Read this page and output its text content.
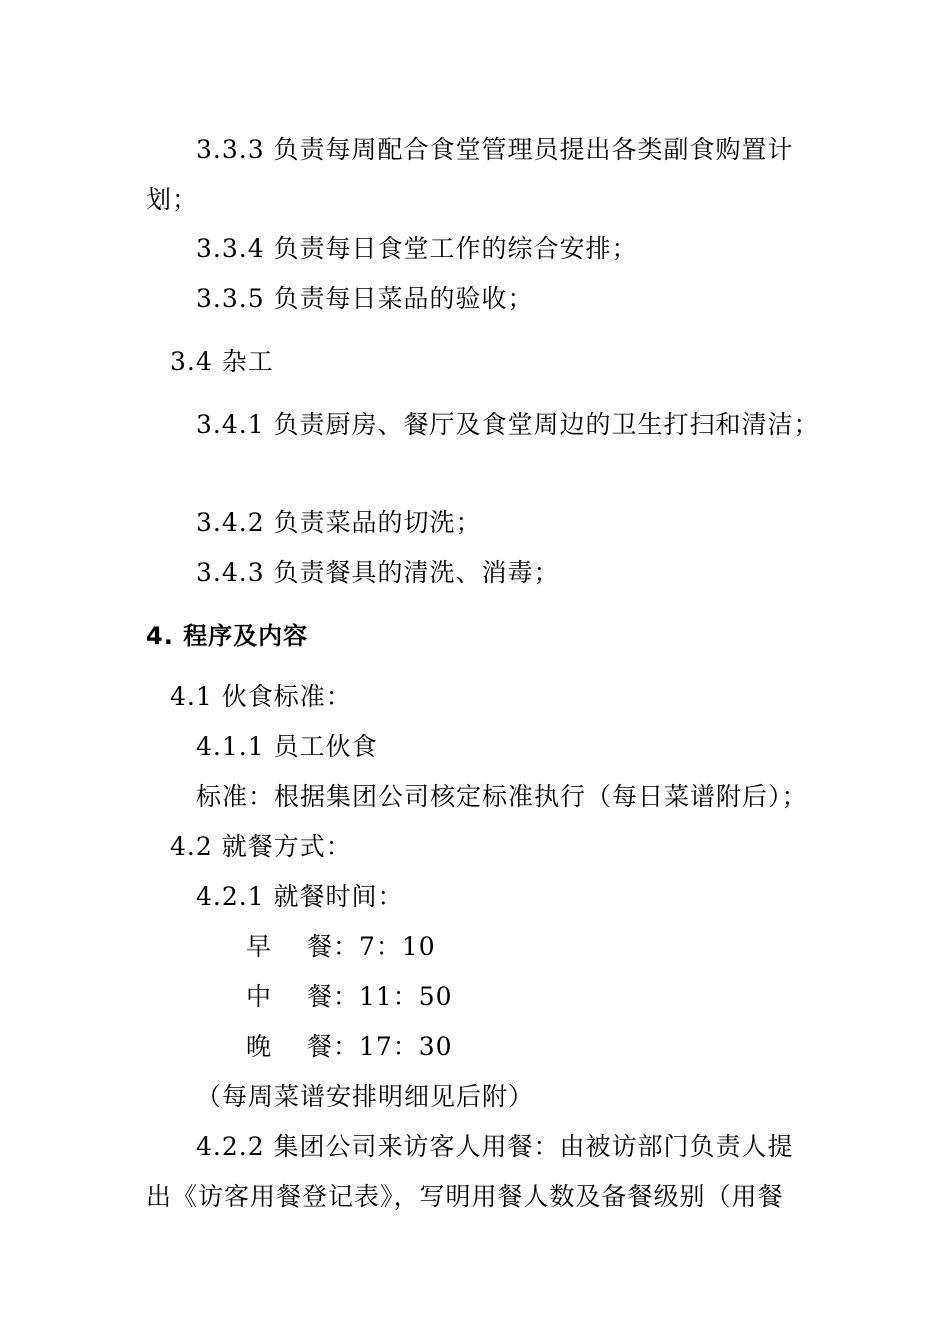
3.3.3 负责每周配合食堂管理员提出各类副食购置计
划；
3.3.4 负责每日食堂工作的综合安排；
3.3.5 负责每日菜品的验收；
3.4 杂工
3.4.1 负责厨房、餐厅及食堂周边的卫生打扫和清洁；
3.4.2 负责菜品的切洗；
3.4.3 负责餐具的清洗、消毒；
4. 程序及内容
4.1 伙食标准：
4.1.1 员工伙食
标准：根据集团公司核定标准执行（每日菜谱附后）；
4.2 就餐方式：
4.2.1 就餐时间：
早　 餐：7：10
中　 餐：11：50
晚　 餐：17：30
（每周菜谱安排明细见后附）
4.2.2 集团公司来访客人用餐：由被访部门负责人提
出《访客用餐登记表》，写明用餐人数及备餐级别（用餐
